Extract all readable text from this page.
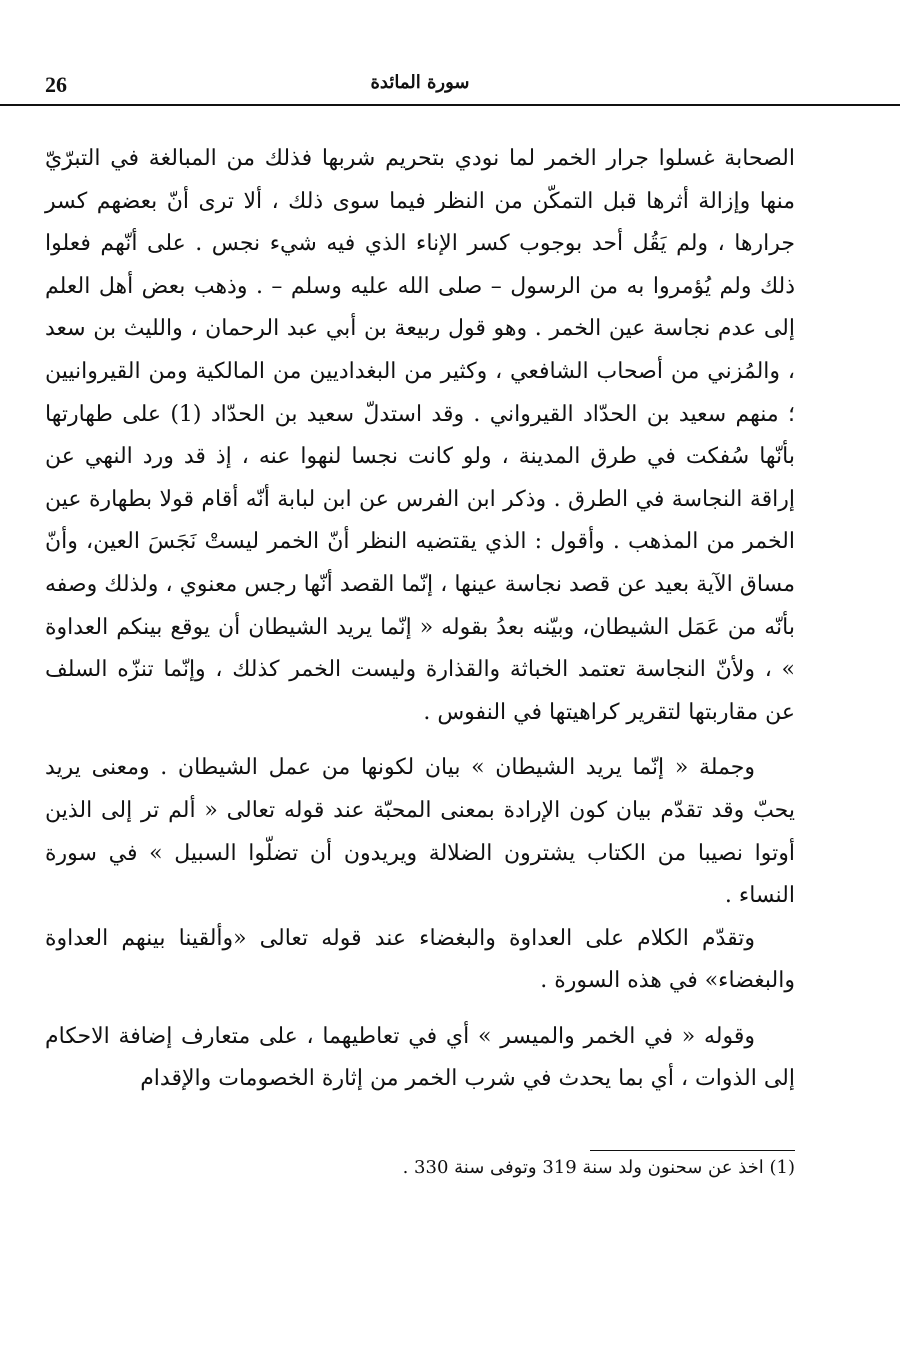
26	سورة المائدة

الصحابة غسلوا جرار الخمر لما نودي بتحريم شربها فذلك من المبالغة في التبرّيّ منها وإزالة أثرها قبل التمكّن من النظر فيما سوى ذلك ، ألا ترى أنّ بعضهم كسر جرارها ، ولم يَقُل أحد بوجوب كسر الإناء الذي فيه شيء نجس . على أنّهم فعلوا ذلك ولم يُؤمروا به من الرسول – صلى الله عليه وسلم – . وذهب بعض أهل العلم إلى عدم نجاسة عين الخمر . وهو قول ربيعة بن أبي عبد الرحمان ، والليث بن سعد ، والمُزني من أصحاب الشافعي ، وكثير من البغداديين من المالكية ومن القيروانيين ؛ منهم سعيد بن الحدّاد القيرواني . وقد استدلّ سعيد بن الحدّاد (1) على طهارتها بأنّها سُفكت في طرق المدينة ، ولو كانت نجسا لنهوا عنه ، إذ قد ورد النهي عن إراقة النجاسة في الطرق . وذكر ابن الفرس عن ابن لبابة أنّه أقام قولا بطهارة عين الخمر من المذهب . وأقول : الذي يقتضيه النظر أنّ الخمر ليستْ نَجَسَ العين، وأنّ مساق الآية بعيد عن قصد نجاسة عينها ، إنّما القصد أنّها رجس معنوي ، ولذلك وصفه بأنّه من عَمَل الشيطان، وبيّنه بعدُ بقوله « إنّما يريد الشيطان أن يوقع بينكم العداوة » ، ولأنّ النجاسة تعتمد الخباثة والقذارة وليست الخمر كذلك ، وإنّما تنزّه السلف عن مقاربتها لتقرير كراهيتها في النفوس .

وجملة « إنّما يريد الشيطان » بيان لكونها من عمل الشيطان . ومعنى يريد يحبّ وقد تقدّم بيان كون الإرادة بمعنى المحبّة عند قوله تعالى « ألم تر إلى الذين أوتوا نصيبا من الكتاب يشترون الضلالة ويريدون أن تضلّوا السبيل » في سورة النساء .

وتقدّم الكلام على العداوة والبغضاء عند قوله تعالى «وألقينا بينهم العداوة والبغضاء» في هذه السورة .

وقوله « في الخمر والميسر » أي في تعاطيهما ، على متعارف إضافة الاحكام إلى الذوات ، أي بما يحدث في شرب الخمر من إثارة الخصومات والإقدام

(1) اخذ عن سحنون ولد سنة 319 وتوفى سنة 330 .
